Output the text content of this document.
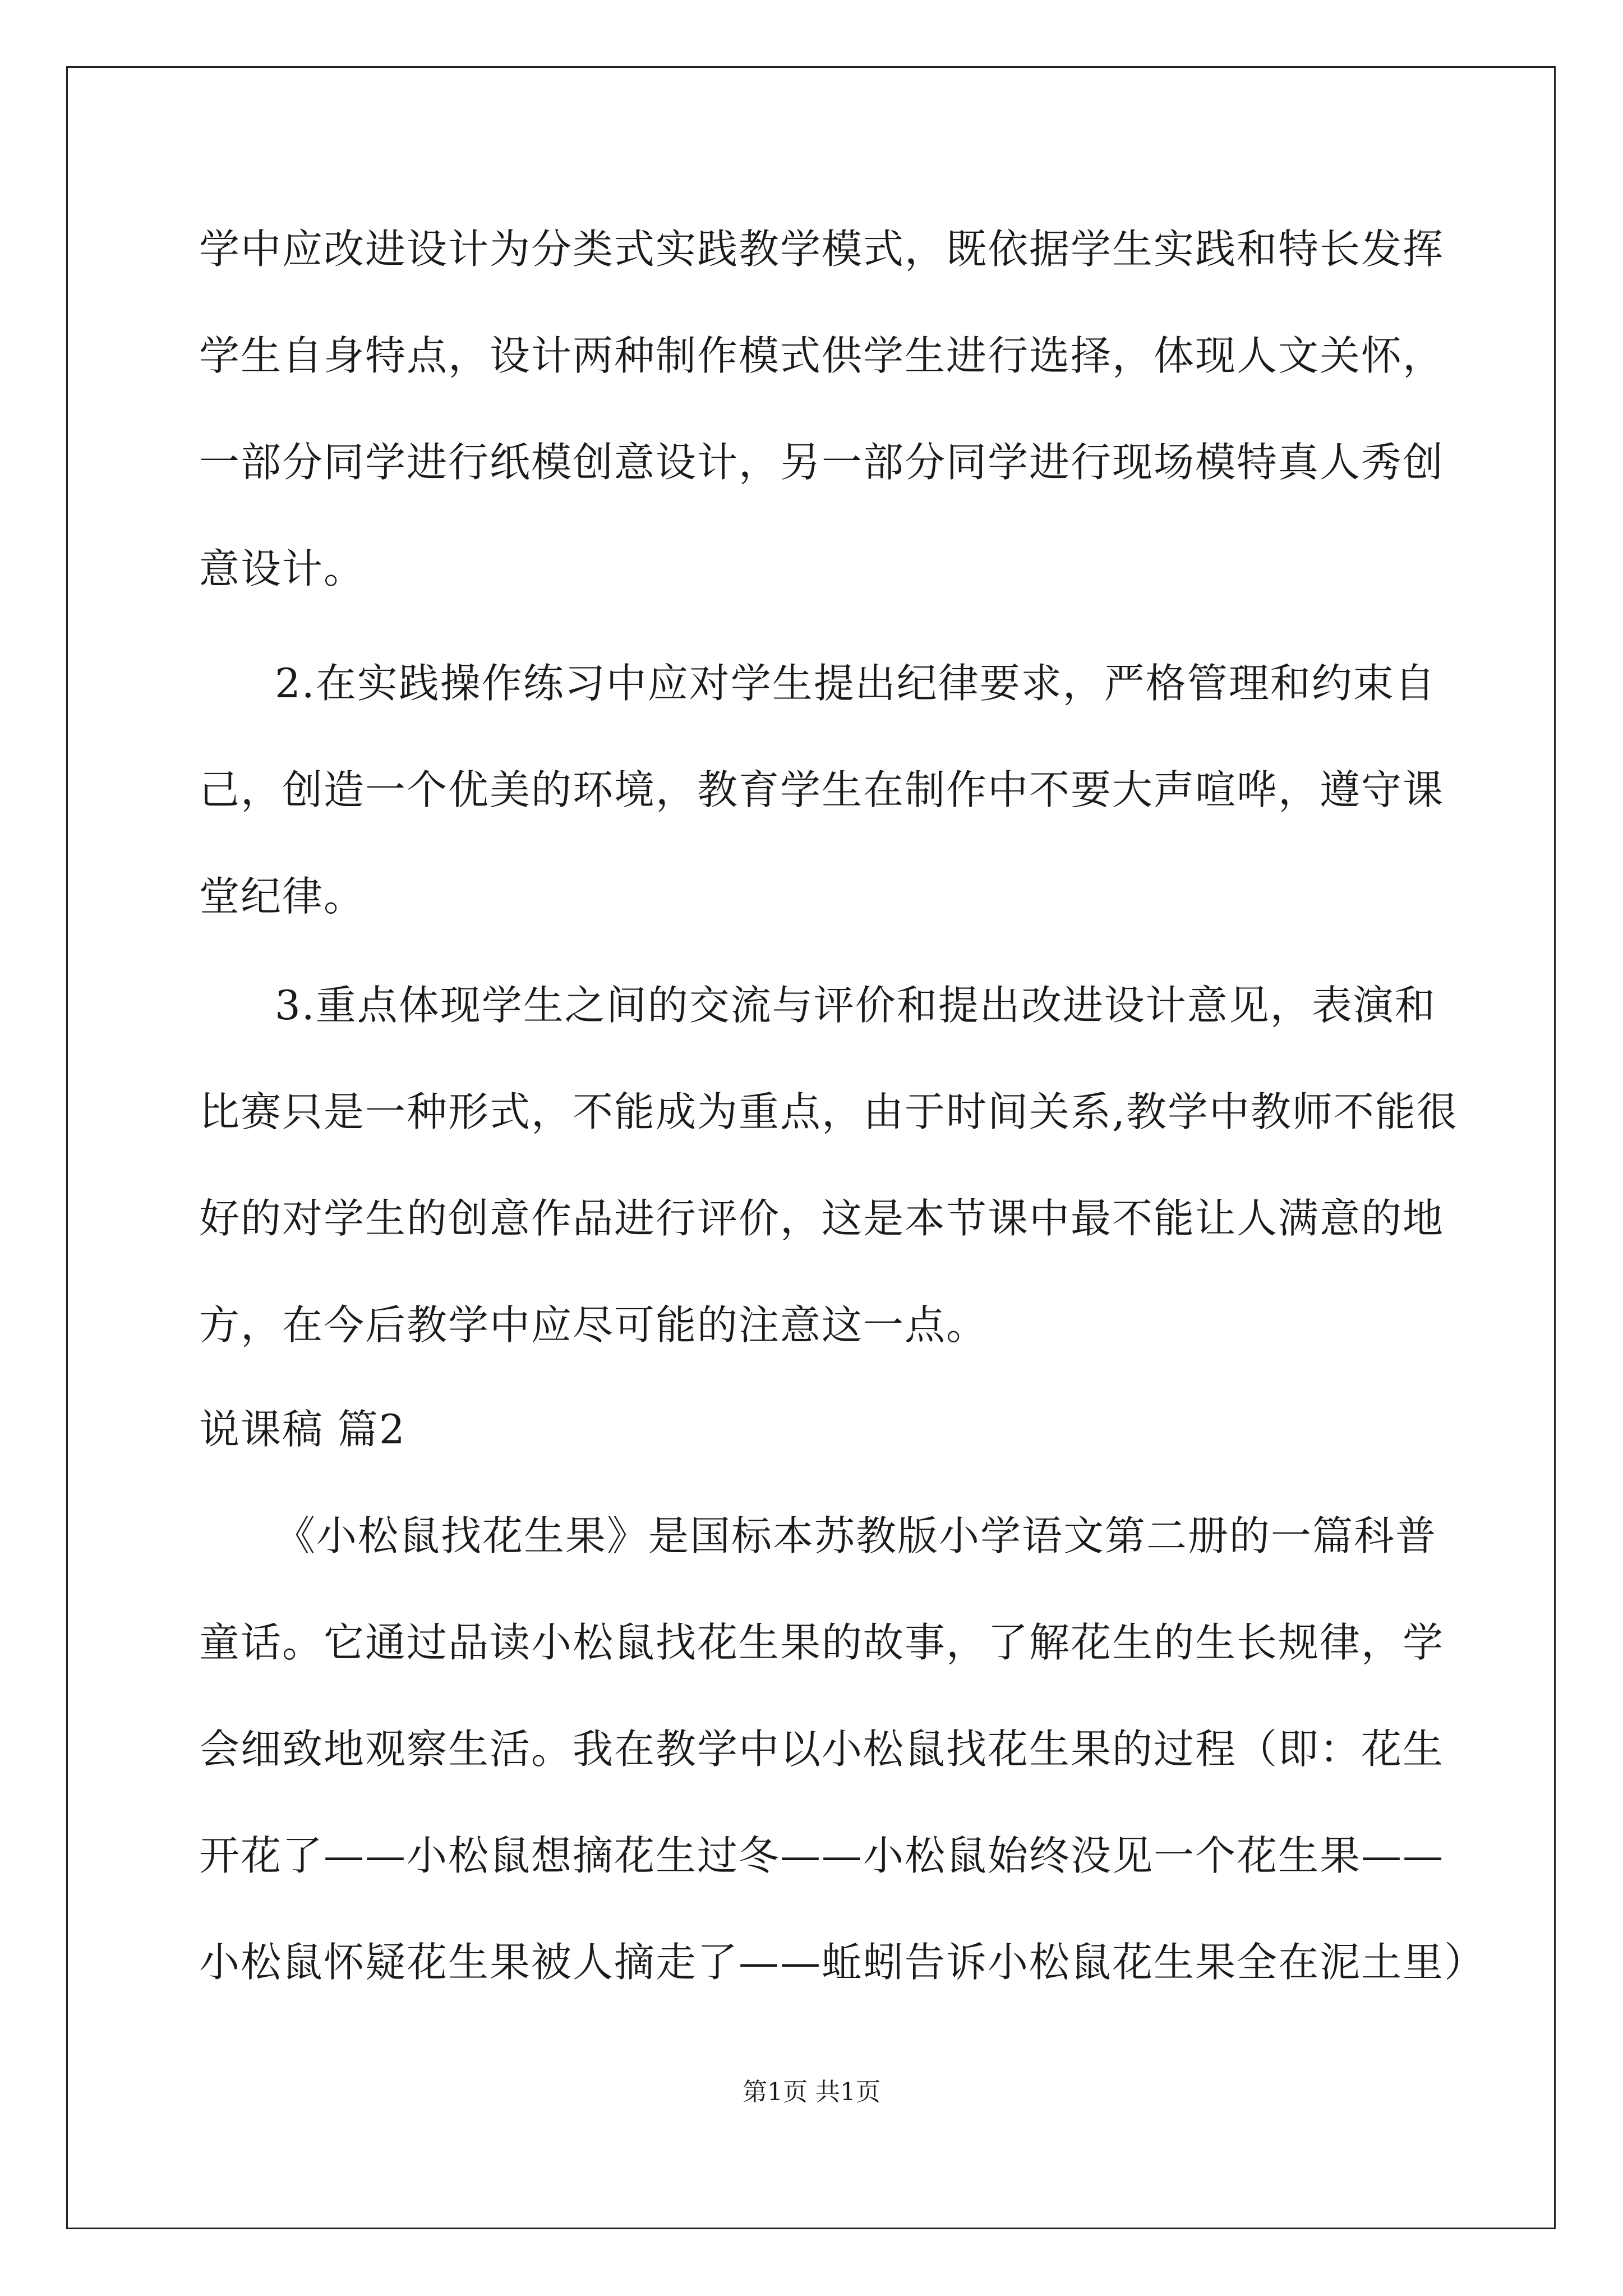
学中应改进设计为分类式实践教学模式，既依据学生实践和特长发挥
学生自身特点，设计两种制作模式供学生进行选择，体现人文关怀，
一部分同学进行纸模创意设计，另一部分同学进行现场模特真人秀创
意设计。
2.在实践操作练习中应对学生提出纪律要求，严格管理和约束自
己，创造一个优美的环境，教育学生在制作中不要大声喧哗，遵守课
堂纪律。
3.重点体现学生之间的交流与评价和提出改进设计意见，表演和
比赛只是一种形式，不能成为重点，由于时间关系,教学中教师不能很
好的对学生的创意作品进行评价，这是本节课中最不能让人满意的地
方，在今后教学中应尽可能的注意这一点。
说课稿 篇2
《小松鼠找花生果》是国标本苏教版小学语文第二册的一篇科普
童话。它通过品读小松鼠找花生果的故事，了解花生的生长规律，学
会细致地观察生活。我在教学中以小松鼠找花生果的过程（即：花生
开花了——小松鼠想摘花生过冬——小松鼠始终没见一个花生果——
小松鼠怀疑花生果被人摘走了——蚯蚓告诉小松鼠花生果全在泥土里）
第1页 共1页
